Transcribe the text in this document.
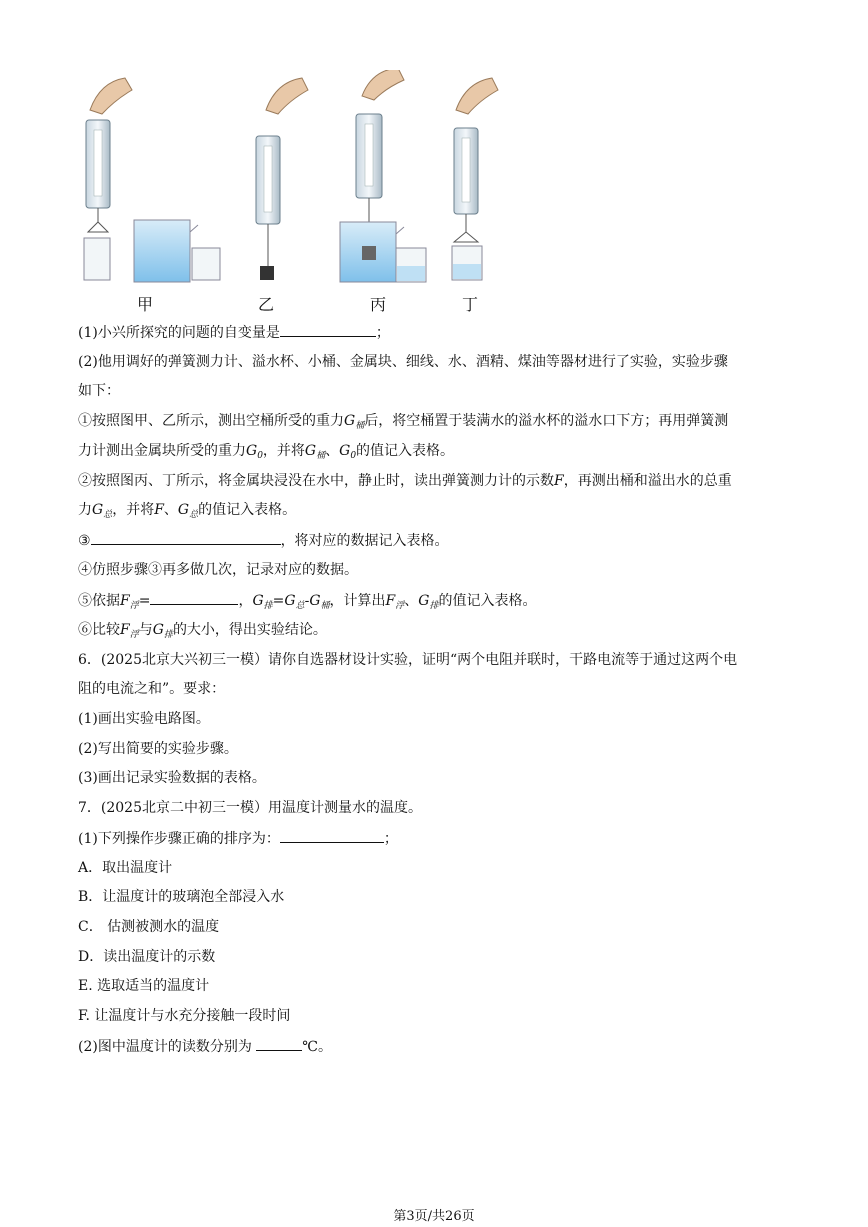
甲	乙	丙	丁
(1)小兴所探究的问题的自变量是	；
(2)他用调好的弹簧测力计、溢水杯、小桶、金属块、细线、水、酒精、煤油等器材进行了实验，实验步骤
如下：
①按照图甲、乙所示，测出空桶所受的重力$G_桶$后，将空桶置于装满水的溢水杯的溢水口下方；再用弹簧测
力计测出金属块所受的重力$G_0$，并将$G_桶$、$G_0$的值记入表格。
②按照图丙、丁所示，将金属块浸没在水中，静止时，读出弹簧测力计的示数F，再测出桶和溢出水的总重
力$G_总$，并将F、$G_总$的值记入表格。
③	，将对应的数据记入表格。
④仿照步骤③再多做几次，记录对应的数据。
⑤依据$F_浮=$	，$G_排=G_总-G_桶$，计算出$F_浮$、$G_排$的值记入表格。
⑥比较$F_浮$与$G_排$的大小，得出实验结论。
6．(2025北京大兴初三一模）请你自选器材设计实验，证明“两个电阻并联时，干路电流等于通过这两个电
阻的电流之和”。要求：
(1)画出实验电路图。
(2)写出简要的实验步骤。
(3)画出记录实验数据的表格。
7．(2025北京二中初三一模）用温度计测量水的温度。
(1)下列操作步骤正确的排序为：	；
A．取出温度计
B．让温度计的玻璃泡全部浸入水
C． 估测被测水的温度
D．读出温度计的示数
E. 选取适当的温度计
F. 让温度计与水充分接触一段时间
(2)图中温度计的读数分别为	℃。
第3页/共26页
